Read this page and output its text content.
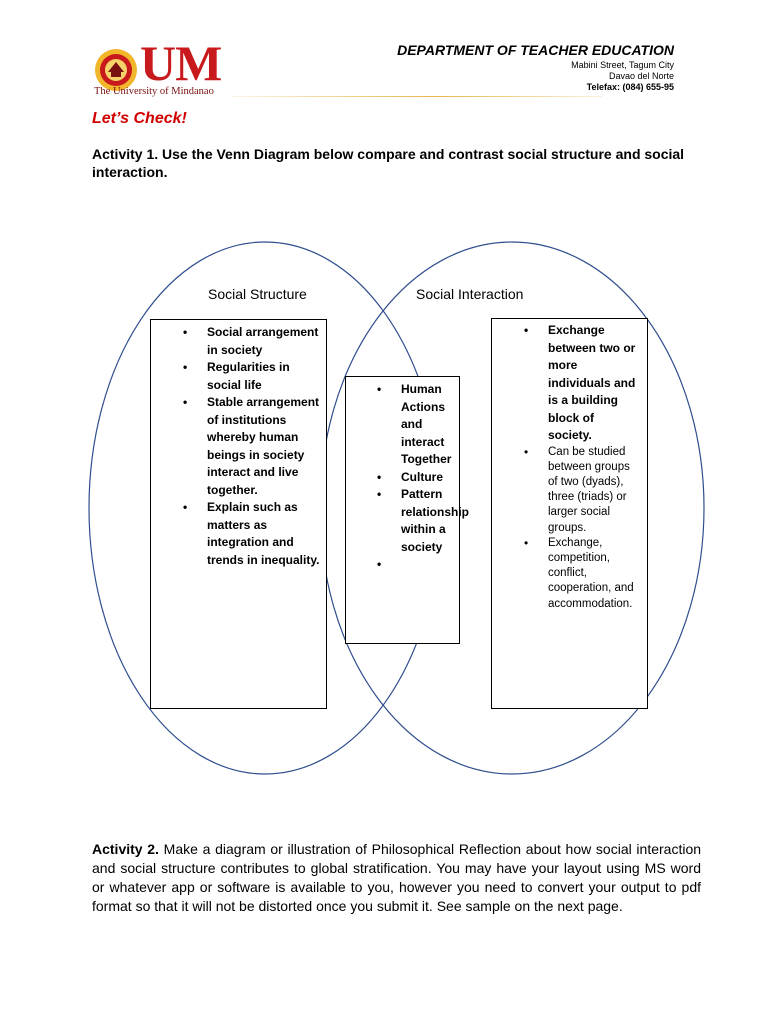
UM
The University of Mindanao
DEPARTMENT OF TEACHER EDUCATION
Mabini Street, Tagum City
Davao del Norte
Telefax: (084) 655-95
Let’s Check!
Activity 1. Use the Venn Diagram below compare and contrast social structure and social interaction.
Social Structure	Social Interaction
• Social arrangement in society
• Regularities in social life
• Stable arrangement of institutions whereby human beings in society interact and live together.
• Explain such as matters as integration and trends in inequality.
• Human Actions and interact Together
• Culture
• Pattern relationship within a society
•
• Exchange between two or more individuals and is a building block of society.
• Can be studied between groups of two (dyads), three (triads) or larger social groups.
• Exchange, competition, conflict, cooperation, and accommodation.
Activity 2. Make a diagram or illustration of Philosophical Reflection about how social interaction and social structure contributes to global stratification. You may have your layout using MS word or whatever app or software is available to you, however you need to convert your output to pdf format so that it will not be distorted once you submit it. See sample on the next page.
